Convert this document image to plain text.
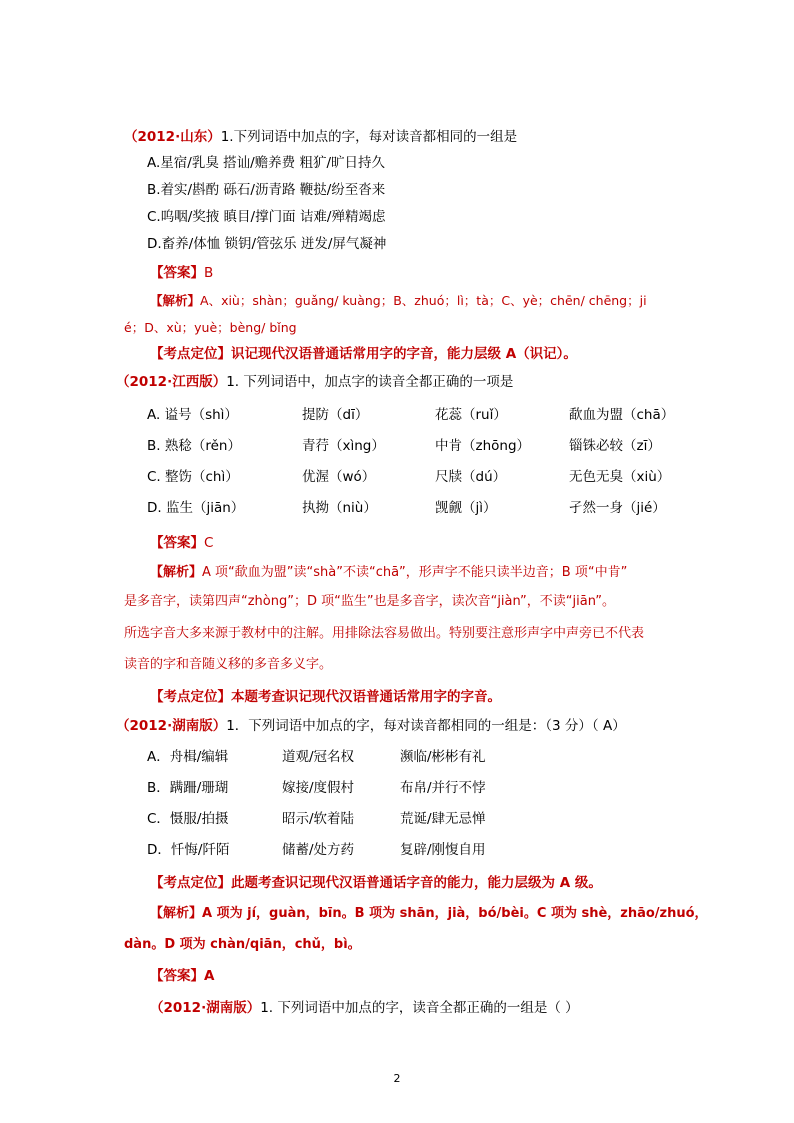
（2012·山东）1.下列词语中加点的字，每对读音都相同的一组是
A.星宿/乳臭 搭讪/赡养费 粗犷/旷日持久
B.着实/斟酌 砾石/沥青路 鞭挞/纷至沓来
C.呜咽/奖掖 瞋目/撑门面 诘难/殚精竭虑
D.畜养/体恤 锁钥/管弦乐 迸发/屏气凝神
【答案】B
【解析】A、xiù；shàn；guǎng/ kuàng；B、zhuó；lì；tà；C、yè；chēn/ chēng；ji
é；D、xù；yuè；bèng/ bǐng
【考点定位】识记现代汉语普通话常用字的字音，能力层级 A（识记）。
（2012·江西版）1. 下列词语中，加点字的读音全都正确的一项是
A. 谥号（shì）	提防（dī）	花蕊（ruǐ）	歃血为盟（chā）
B. 熟稔（rěn）	青荇（xìng）	中肯（zhōng）	锱铢必较（zī）
C. 整饬（chì）	优渥（wó）	尺牍（dú）	无色无臭（xiù）
D. 监生（jiān）	执拗（niù）	觊觎（jì）	孑然一身（jié）
【答案】C
【解析】A 项“歃血为盟”读“shà”不读“chā”，形声字不能只读半边音；B 项“中肯”
是多音字，读第四声“zhòng”；D 项“监生”也是多音字，读次音“jiàn”，不读“jiān”。
所选字音大多来源于教材中的注解。用排除法容易做出。特别要注意形声字中声旁已不代表
读音的字和音随义移的多音多义字。
【考点定位】本题考查识记现代汉语普通话常用字的字音。
（2012·湖南版）1．下列词语中加点的字，每对读音都相同的一组是：（3 分）（ A）
A．舟楫/编辑	道观/冠名权	濒临/彬彬有礼
B．蹒跚/珊瑚	嫁接/度假村	布帛/并行不悖
C．慑服/拍摄	昭示/软着陆	荒诞/肆无忌惮
D．忏悔/阡陌	储蓄/处方药	复辟/刚愎自用
【考点定位】此题考查识记现代汉语普通话字音的能力，能力层级为 A 级。
【解析】A 项为 jí，guàn，bīn。B 项为 shān，jià，bó/bèi。C 项为 shè，zhāo/zhuó，
dàn。D 项为 chàn/qiān，chǔ，bì。
【答案】A
（2012·湖南版）1. 下列词语中加点的字，读音全都正确的一组是（ ）
2
